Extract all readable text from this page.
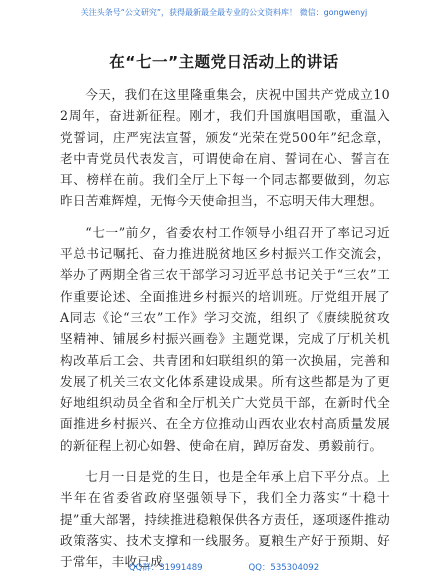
关注头条号“公文研究”，获得最新最全最专业的公文资料库！ 微信：gongwenyj
在“七一”主题党日活动上的讲话

今天，我们在这里隆重集会，庆祝中国共产党成立102周年，奋进新征程。刚才，我们升国旗唱国歌，重温入党誓词，庄严宪法宣誓，颁发“光荣在党500年”纪念章，老中青党员代表发言，可谓使命在肩、誓词在心、誓言在耳、榜样在前。我们全厅上下每一个同志都要做到，勿忘昨日苦难辉煌，无悔今天使命担当，不忘明天伟大理想。

“七一”前夕，省委农村工作领导小组召开了率记习近平总书记嘱托、奋力推进脱贫地区乡村振兴工作交流会，举办了两期全省三农干部学习习近平总书记关于“三农”工作重要论述、全面推进乡村振兴的培训班。厅党组开展了A同志《论“三农”工作》学习交流，组织了《赓续脱贫攻坚精神、铺展乡村振兴画卷》主题党课，完成了厅机关机构改革后工会、共青团和妇联组织的第一次换届，完善和发展了机关三农文化体系建设成果。所有这些都是为了更好地组织动员全省和全厅机关广大党员干部，在新时代全面推进乡村振兴、在全方位推动山西农业农村高质量发展的新征程上初心如磐、使命在肩，踔厉奋发、勇毅前行。

七月一日是党的生日，也是全年承上启下平分点。上半年在省委省政府坚强领导下，我们全力落实“十稳十提”重大部署，持续推进稳粮保供各方责任，逐项逐件推动政策落实、技术支撑和一线服务。夏粮生产好于预期、好于常年，丰收已成

QQ群：31991489	QQ：535304092
